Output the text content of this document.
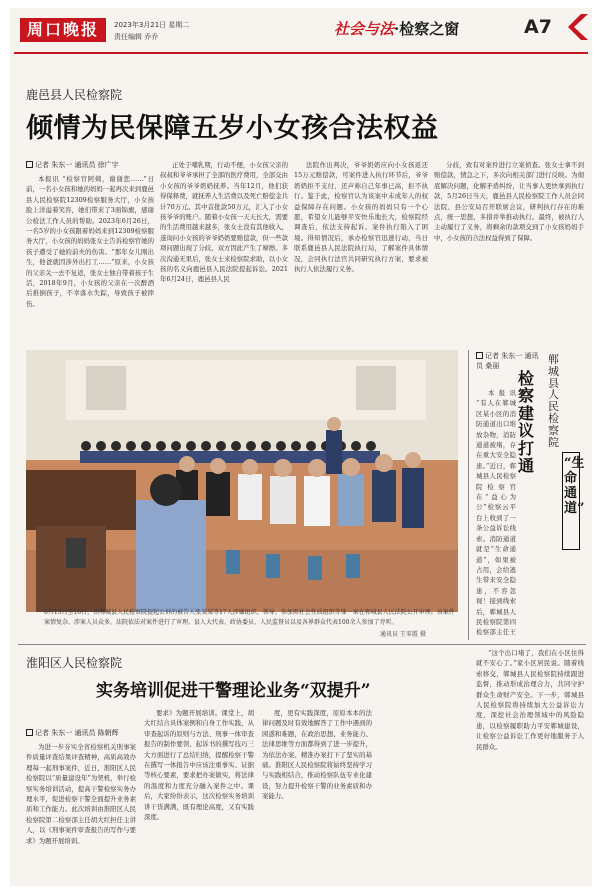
周口晚报	2023年3月21日 星期二
责任编辑 乔乔	社会与法·检察之窗	A7
鹿邑县人民检察院
倾情为民保障五岁小女孩合法权益
记者 朱东一 通讯员 徐广宇

本报讯 “检察官阿姨，谢谢您……”日前，一名小女孩和她的妈妈一起再次来到鹿邑县人民检察院12309检察服务大厅，小女孩脸上洋溢着笑容，她们带来了3面锦旗，感谢公检法工作人员的帮助。2023年6月26日，一名5岁的小女孩跟着妈妈来到12309检察服务大厅，小女孩的妈妈张女士告诉检察官她的孩子遭受了她的前夫的伤害。“那年女儿刚出生，他爸就因涉外出打工……”原来，小女孩的父亲关一去不复返，张女士独自带着孩子生活，2018年9月，小女孩的父亲在一次醉酒后推倒孩子，不幸落水失踪，导致孩子被摔伤。

正处于哺乳期，行动不便，小女孩父亲的叔叔和爷爷承担了全部的医疗费用，全部交由小女孩的爷爷奶奶抚养。当年12月，他们获得保释费，就抚养人生活费以及死亡赔偿金共计70万元。其中首批款50万元，汇入了小女孩爷爷的账户。随着小女孩一天天长大，需要的生活费用越来越多，张女士没有其他收入，遂询问小女孩的爷爷奶奶要赔偿款，但一些款项问题出现了分歧，双方因此产生了摩擦。多次沟通无果后，张女士来检察院求助，以小女孩的名义向鹿邑县人民法院提起诉讼。2021年6月24日，鹿邑县人民

法院作出判决，爷爷奶奶应向小女孩返还15万元赔偿款，可案件进入执行环节后，爷爷奶奶拒不支付，还声称自己年事已高，拒不执行。鉴于此，检察官认为该案中未成年人的权益保障存在问题。小女孩的妈妈只有一个心愿，希望女儿能够平安快乐地长大，检察院经调查后，依法支持起诉。案件执行陷入了困境。得知情况后，承办检察官迅速行动，当日联系鹿邑县人民法院执行局，了解案件具体情况，会同执行法官共同研究执行方案，要求被执行人依法履行义务。

分歧，致有对案件进行立案侦查。张女士拿不到赔偿款，情急之下，多次向相关部门进行反映。为彻底解决问题，化解矛盾纠纷，让当事人更快拿到执行款，5月26日当天，鹿邑县人民检察院工作人员会同法院、县公安局召开联席会议，研判执行存在的难点，统一思想，多措并举推动执行。最终，被执行人主动履行了义务，将剩余的款项交到了小女孩妈妈手中，小女孩的合法权益得到了保障。

6月15日至16日，由郸城县人民检察院提起公诉的被告人张某某等17人涉嫌组织、领导、参加黑社会性质组织等罪一案在郸城县人民法院公开审理。该案件案情复杂、涉案人员众多，法院依法对案件进行了审理。县人大代表、政协委员、人民监督员以及各界群众代表100余人参加了旁听。
通讯员 王零霞 摄
记者 朱东一 通讯员 桑丽	郸城县人民检察院
检察建议打通	“生命通道”

本报讯 “有人在郸城区某小区的消防通道出口堆放杂物，消防通道被堵，存在重大安全隐患。”近日，郸城县人民检察院检察官在“益心为公”检察云平台上收到了一条公益诉讼线索。消防通道就是“生命通道”，如果被占用，会给逃生带来安全隐患，不容忽视！接到线索后，郸城县人民检察院第四检察部主任王

淮阳区人民检察院
实务培训促进干警理论业务“双提升”
记者 朱东一 通讯员 陈朝辉

为进一步夯实全省检察机关刑事案件质量评查结果评查精神，高质高效办理每一起刑事案件，近日，淮阳区人民检察院以“质量建设年”为契机，举行检察实务培训活动，提高干警检察实务办理水平，促进检察干警全面提升业务素质和工作能力。此次培训由淮阳区人民检察院第二检察部主任胡大红担任主讲人，以《刑事案件审查报告的写作与要求》为题开展培训。

要求》为题开展培训。课堂上，胡大红结合具体案例和自身工作实践，从审查起诉的原则与方法、刑事一体审查报告的制作要领、起诉书的撰写技巧三大方面进行了总结归纳，提醒检察干警在撰写一体报告中应该注重事实、证据等核心要素，要求把办案做实，将法律的温度和力度充分融入案件之中。课后，大家纷纷表示，这次检察实务培训讲干货满满，既有理论高度，又有实践深度。

度，更有实践深度，原原本本的法律问题及时有效地解答了工作中遇到的困惑和难题，在政治思想、业务能力、法律思维等方面都得到了进一步提升，为依法办案、精准办案打下了坚实的基础。淮阳区人民检察院将始终坚持学习与实践相结合，推动检察队伍专业化建设，努力提升检察干警的业务素质和办案能力。

“这个出口堵了，我们在小区住得就不安心了。”家小区居民说。随着线索移交，郸城县人民检察院持续跟进监督，推动形成治理合力，共同守护群众生命财产安全。下一步，郸城县人民检察院将持续加大公益诉讼力度，深挖社会治理领域中的风险隐患，以检察履职助力平安郸城建设，让检察公益诉讼工作更好地服务于人民群众。
